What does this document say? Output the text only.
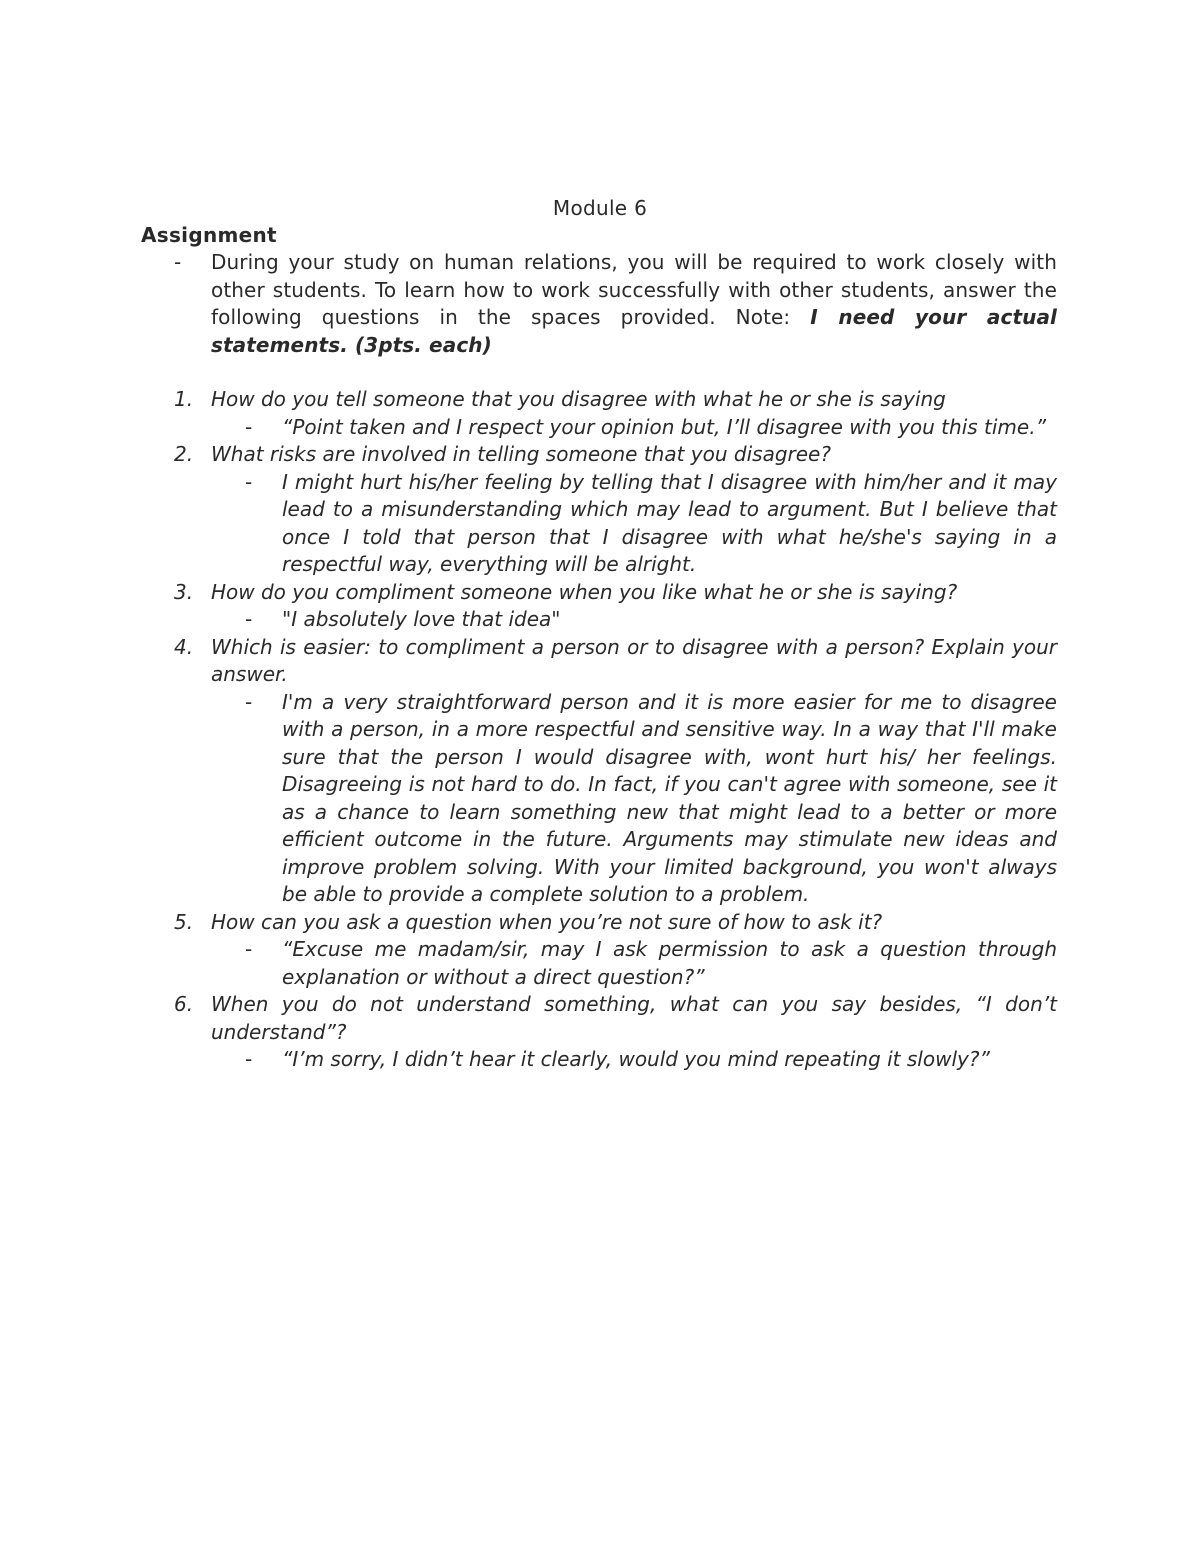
Module 6
Assignment
- During your study on human relations, you will be required to work closely with other students. To learn how to work successfully with other students, answer the following questions in the spaces provided. Note: I need your actual statements. (3pts. each)
1. How do you tell someone that you disagree with what he or she is saying
- “Point taken and I respect your opinion but, I’ll disagree with you this time.”
2. What risks are involved in telling someone that you disagree?
- I might hurt his/her feeling by telling that I disagree with him/her and it may lead to a misunderstanding which may lead to argument. But I believe that once I told that person that I disagree with what he/she's saying in a respectful way, everything will be alright.
3. How do you compliment someone when you like what he or she is saying?
- "I absolutely love that idea"
4. Which is easier: to compliment a person or to disagree with a person? Explain your answer.
- I'm a very straightforward person and it is more easier for me to disagree with a person, in a more respectful and sensitive way. In a way that I'll make sure that the person I would disagree with, wont hurt his/ her feelings. Disagreeing is not hard to do. In fact, if you can't agree with someone, see it as a chance to learn something new that might lead to a better or more efficient outcome in the future. Arguments may stimulate new ideas and improve problem solving. With your limited background, you won't always be able to provide a complete solution to a problem.
5. How can you ask a question when you’re not sure of how to ask it?
- “Excuse me madam/sir, may I ask permission to ask a question through explanation or without a direct question?”
6. When you do not understand something, what can you say besides, “I don’t understand”?
- “I’m sorry, I didn’t hear it clearly, would you mind repeating it slowly?”
